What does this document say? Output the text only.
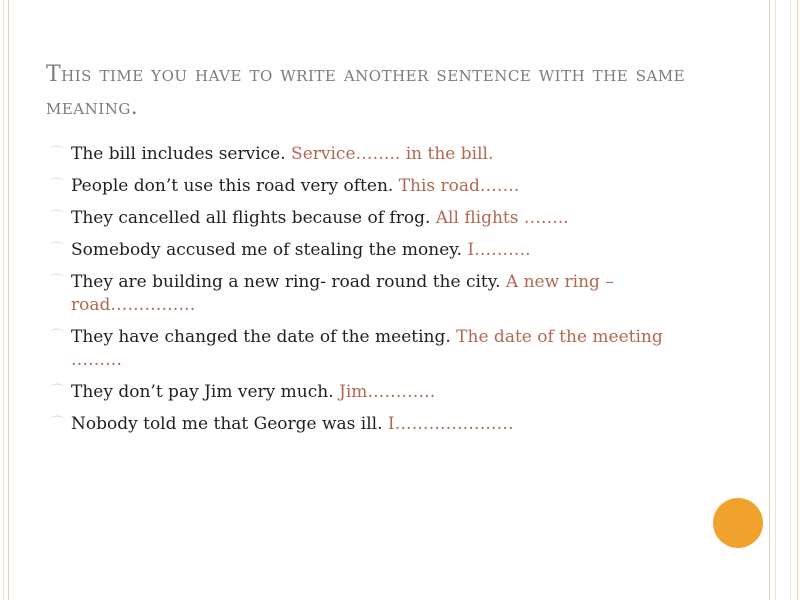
This time you have to write another sentence with the same meaning.
⌒ The bill includes service. Service…….. in the bill.
⌒ People don’t use this road very often. This road…….
⌒ They cancelled all flights because of frog. All flights ……..
⌒ Somebody accused me of stealing the money. I……….
⌒ They are building a new ring- road round the city. A new ring –road……………
⌒ They have changed the date of the meeting. The date of the meeting ………
⌒ They don’t pay Jim very much. Jim…………
⌒ Nobody told me that George was ill. I…………………
